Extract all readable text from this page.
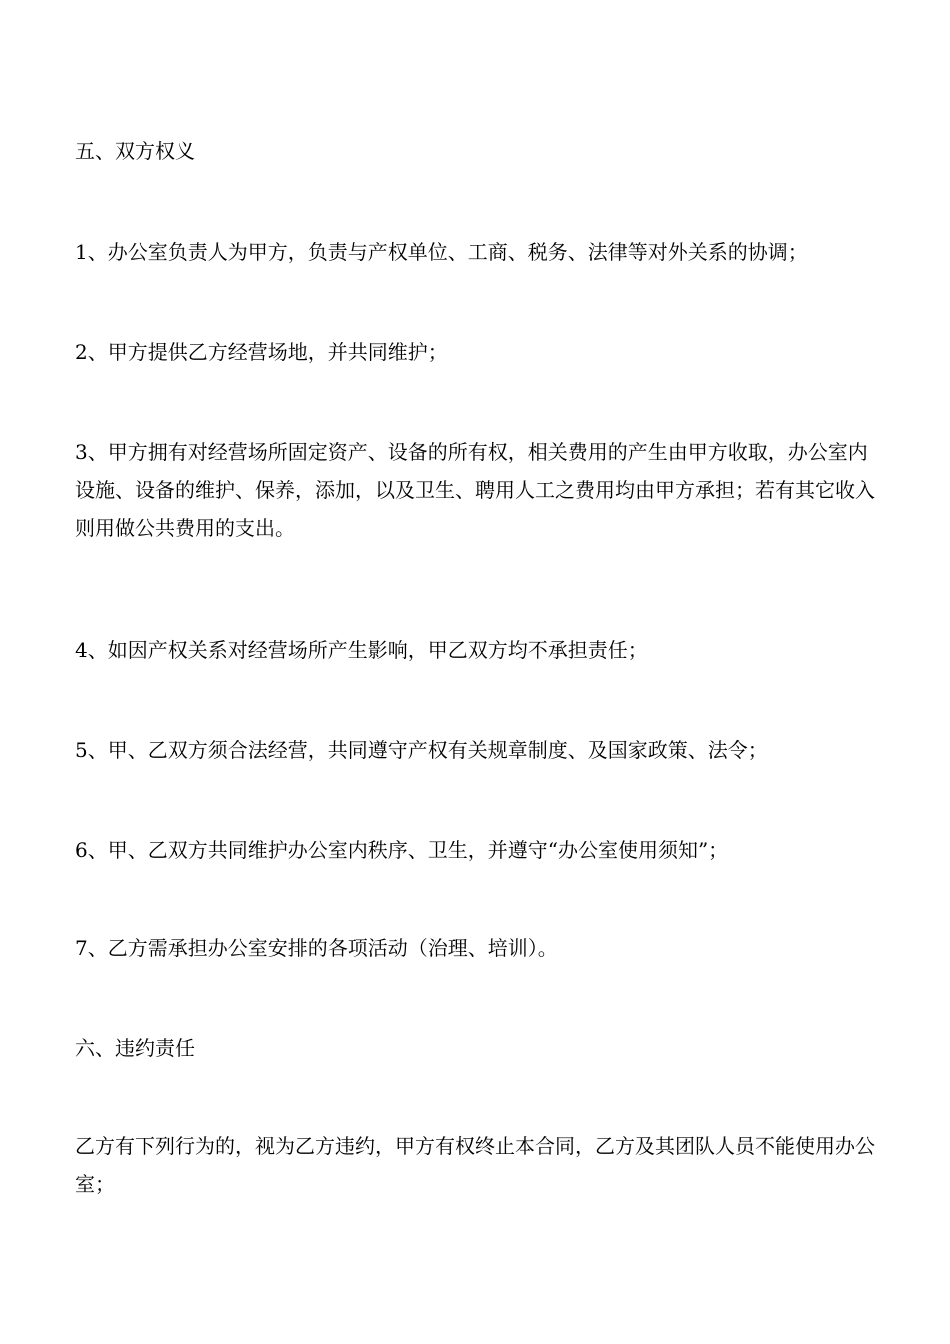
五、双方权义

1、办公室负责人为甲方，负责与产权单位、工商、税务、法律等对外关系的协调；

2、甲方提供乙方经营场地，并共同维护；

3、甲方拥有对经营场所固定资产、设备的所有权，相关费用的产生由甲方收取，办公室内设施、设备的维护、保养，添加，以及卫生、聘用人工之费用均由甲方承担；若有其它收入则用做公共费用的支出。

4、如因产权关系对经营场所产生影响，甲乙双方均不承担责任；

5、甲、乙双方须合法经营，共同遵守产权有关规章制度、及国家政策、法令；

6、甲、乙双方共同维护办公室内秩序、卫生，并遵守“办公室使用须知”；

7、乙方需承担办公室安排的各项活动（治理、培训）。

六、违约责任

乙方有下列行为的，视为乙方违约，甲方有权终止本合同，乙方及其团队人员不能使用办公室；
